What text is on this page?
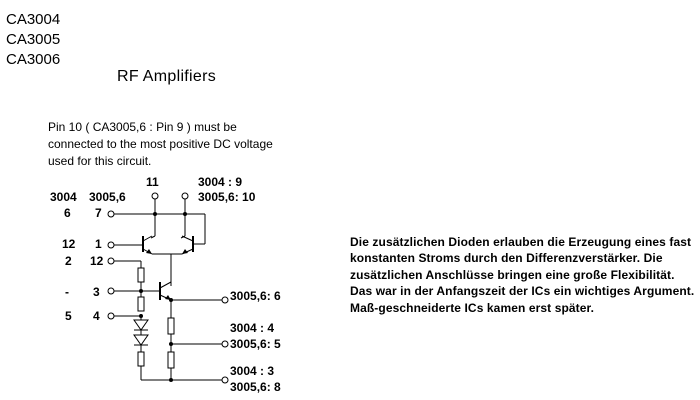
CA3004
CA3005
CA3006
RF Amplifiers
Pin 10 ( CA3005,6 : Pin 9 ) must be connected to the most positive DC voltage used for this circuit.
Die zusätzlichen Dioden erlauben die Erzeugung eines fast konstanten Stroms durch den Differenzverstärker. Die zusätzlichen Anschlüsse bringen eine große Flexibilität. Das war in der Anfangszeit der ICs ein wichtiges Argument. Maß-geschneiderte ICs kamen erst später.
3004 3005,6
11	3004 : 9
3005,6: 10
6 7
12 1
2 12
- 3
5 4
3005,6: 6
3004 : 4
3005,6: 5
3004 : 3
3005,6: 8
